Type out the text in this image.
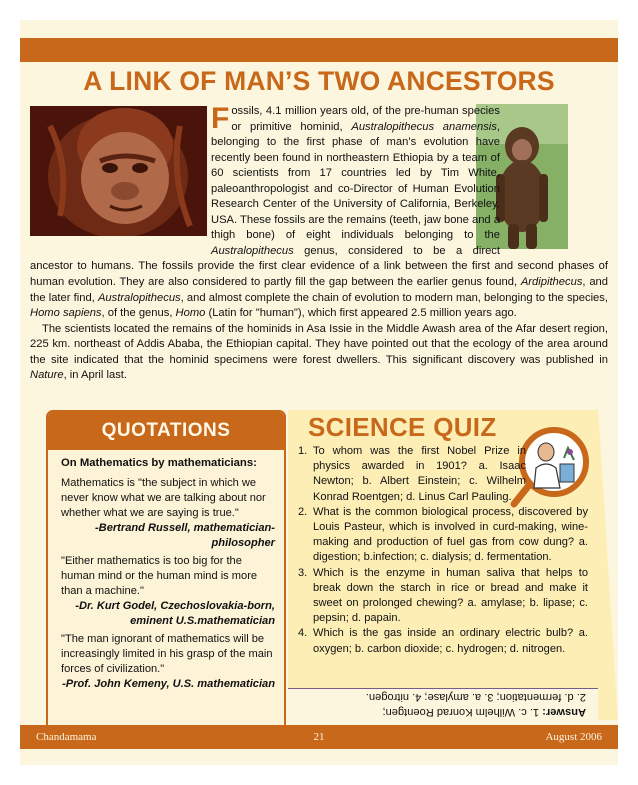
A LINK OF MAN’S TWO ANCESTORS
F ossils, 4.1 million years old, of the pre-human species or primitive hominid, Australopithecus anamensis, belonging to the first phase of man’s evolution have recently been found in northeastern Ethiopia by a team of 60 scientists from 17 countries led by Tim White, paleoanthropologist and co-Director of Human Evolution Research Center of the University of California, Berkeley, USA. These fossils are the remains (teeth, jaw bone and a thigh bone) of eight individuals belonging to the Australopithecus genus, considered to be a direct ancestor to humans. The fossils provide the first clear evidence of a link between the first and second phases of human evolution. They are also considered to partly fill the gap between the earlier genus found, Ardipithecus, and the later find, Australopithecus, and almost complete the chain of evolution to modern man, belonging to the species, Homo sapiens, of the genus, Homo (Latin for "human"), which first appeared 2.5 million years ago.

The scientists located the remains of the hominids in Asa Issie in the Middle Awash area of the Afar desert region, 225 km. northeast of Addis Ababa, the Ethiopian capital. They have pointed out that the ecology of the area around the site indicated that the hominid specimens were forest dwellers. This significant discovery was published in Nature, in April last.

QUOTATIONS
On Mathematics by mathematicians:

Mathematics is "the subject in which we never know what we are talking about nor whether what we are saying is true."

-Bertrand Russell, mathematician-philosopher

"Either mathematics is too big for the human mind or the human mind is more than a machine."

-Dr. Kurt Godel, Czechoslovakia-born, eminent U.S.mathematician

"The man ignorant of mathematics will be increasingly limited in his grasp of the main forces of civilization."

-Prof. John Kemeny, U.S. mathematician
SCIENCE QUIZ
1. To whom was the first Nobel Prize in physics awarded in 1901? a. Isaac Newton; b. Albert Einstein; c. Wilhelm Konrad Roentgen; d. Linus Carl Pauling.
2. What is the common biological process, discovered by Louis Pasteur, which is involved in curd-making, wine-making and production of fuel gas from cow dung? a. digestion; b.infection; c. dialysis; d. fermentation.
3. Which is the enzyme in human saliva that helps to break down the starch in rice or bread and make it sweet on prolonged chewing? a. amylase; b. lipase; c. pepsin; d. papain.
4. Which is the gas inside an ordinary electric bulb? a. oxygen; b. carbon dioxide; c. hydrogen; d. nitrogen.
Answer: 1. c. Wilhelm Konrad Roentgen;
2. d. fermentation; 3. a. amylase; 4. nitrogen.
Chandamama	21	August 2006
